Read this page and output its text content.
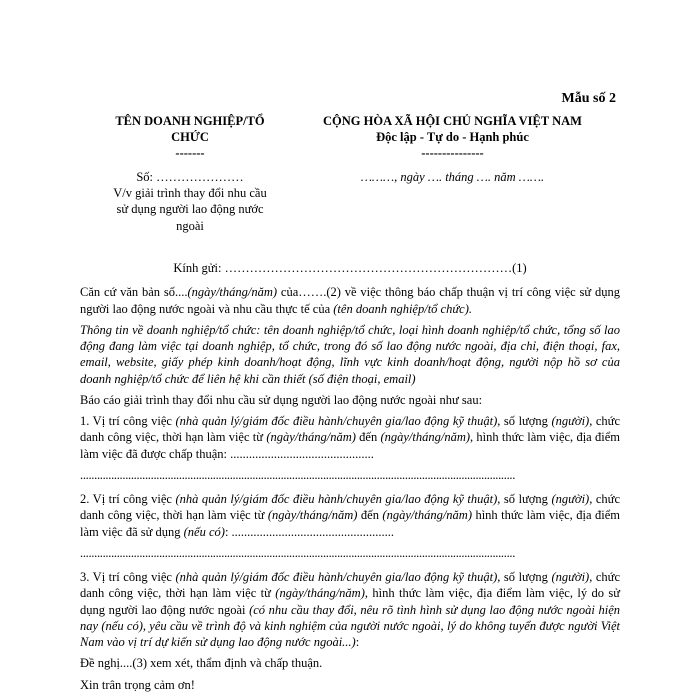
Mẫu số 2
TÊN DOANH NGHIỆP/TỔ
CHỨC
-------
CỘNG HÒA XÃ HỘI CHỦ NGHĨA VIỆT NAM
Độc lập - Tự do - Hạnh phúc
---------------
Số: …………………
V/v giải trình thay đổi nhu cầu
sử dụng người lao động nước
ngoài
………, ngày …. tháng …. năm …….
Kính gửi: ……………………………………………………………(1)

Căn cứ văn bản số....(ngày/tháng/năm) của…….(2) về việc thông báo chấp thuận vị trí công việc sử dụng người lao động nước ngoài và nhu cầu thực tế của (tên doanh nghiệp/tổ chức).

Thông tin về doanh nghiệp/tổ chức: tên doanh nghiệp/tổ chức, loại hình doanh nghiệp/tổ chức, tổng số lao động đang làm việc tại doanh nghiệp, tổ chức, trong đó số lao động nước ngoài, địa chỉ, điện thoại, fax, email, website, giấy phép kinh doanh/hoạt động, lĩnh vực kinh doanh/hoạt động, người nộp hồ sơ của doanh nghiệp/tổ chức để liên hệ khi cần thiết (số điện thoại, email)

Báo cáo giải trình thay đổi nhu cầu sử dụng người lao động nước ngoài như sau:

1. Vị trí công việc (nhà quản lý/giám đốc điều hành/chuyên gia/lao động kỹ thuật), số lượng (người), chức danh công việc, thời hạn làm việc từ (ngày/tháng/năm) đến (ngày/tháng/năm), hình thức làm việc, địa điểm làm việc đã được chấp thuận: ..............................................

..........................................................................................................................................................

2. Vị trí công việc (nhà quản lý/giám đốc điều hành/chuyên gia/lao động kỹ thuật), số lượng (người), chức danh công việc, thời hạn làm việc từ (ngày/tháng/năm) đến (ngày/tháng/năm) hình thức làm việc, địa điểm làm việc đã sử dụng (nếu có): ....................................................

..........................................................................................................................................................

3. Vị trí công việc (nhà quản lý/giám đốc điều hành/chuyên gia/lao động kỹ thuật), số lượng (người), chức danh công việc, thời hạn làm việc từ (ngày/tháng/năm), hình thức làm việc, địa điểm làm việc, lý do sử dụng người lao động nước ngoài (có nhu cầu thay đổi, nêu rõ tình hình sử dụng lao động nước ngoài hiện nay (nếu có), yêu cầu về trình độ và kinh nghiệm của người nước ngoài, lý do không tuyển được người Việt Nam vào vị trí dự kiến sử dụng lao động nước ngoài...):

Đề nghị....(3) xem xét, thẩm định và chấp thuận.

Xin trân trọng cảm ơn!
